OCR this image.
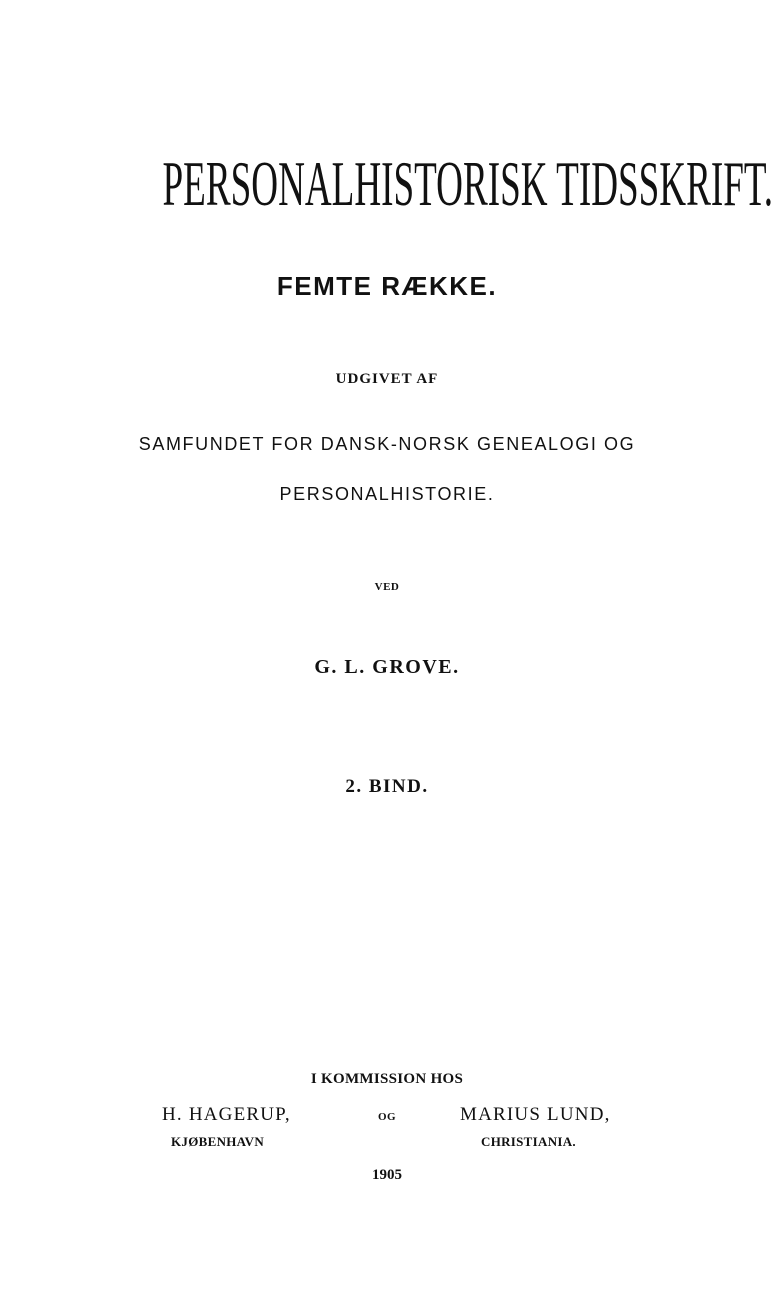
PERSONALHISTORISK TIDSSKRIFT.
FEMTE RÆKKE.
UDGIVET AF
SAMFUNDET FOR DANSK-NORSK GENEALOGI OG
PERSONALHISTORIE.
VED
G. L. GROVE.
2. BIND.
I KOMMISSION HOS
H. HAGERUP,
KJØBENHAVN
OG	MARIUS LUND,
CHRISTIANIA.
1905
